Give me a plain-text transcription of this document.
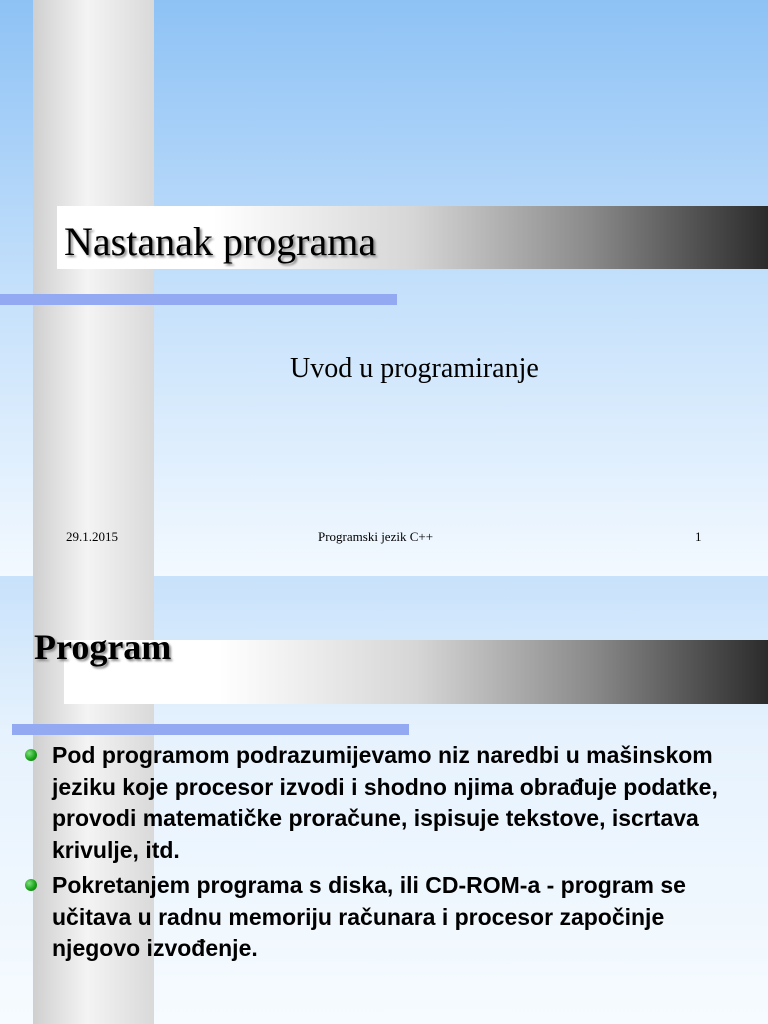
Nastanak programa
Uvod u programiranje
29.1.2015	Programski jezik C++	1
Program
Pod programom podrazumijevamo niz naredbi u mašinskom jeziku koje procesor izvodi i shodno njima obrađuje podatke, provodi matematičke proračune, ispisuje tekstove, iscrtava krivulje, itd.
Pokretanjem programa s diska, ili CD-ROM-a - program se učitava u radnu memoriju računara i procesor započinje njegovo izvođenje.
